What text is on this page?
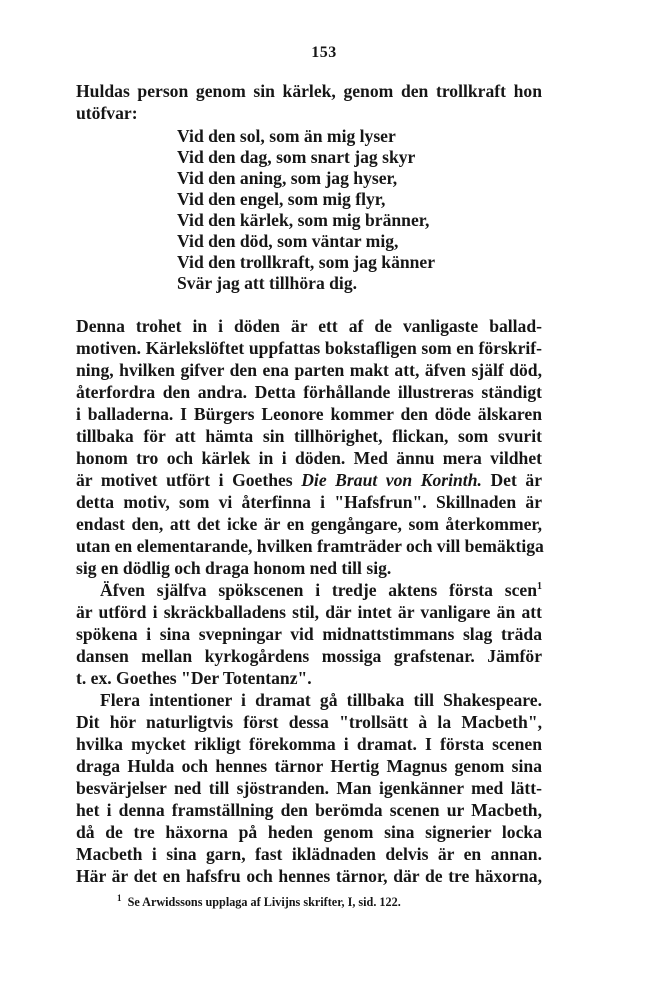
153
Huldas person genom sin kärlek, genom den trollkraft hon
utöfvar:
Vid den sol, som än mig lyser
Vid den dag, som snart jag skyr
Vid den aning, som jag hyser,
Vid den engel, som mig flyr,
Vid den kärlek, som mig bränner,
Vid den död, som väntar mig,
Vid den trollkraft, som jag känner
Svär jag att tillhöra dig.
Denna trohet in i döden är ett af de vanligaste ballad-
motiven. Kärlekslöftet uppfattas bokstafligen som en förskrif-
ning, hvilken gifver den ena parten makt att, äfven själf död,
återfordra den andra. Detta förhållande illustreras ständigt
i balladerna. I Bürgers Leonore kommer den döde älskaren
tillbaka för att hämta sin tillhörighet, flickan, som svurit
honom tro och kärlek in i döden. Med ännu mera vildhet
är motivet utfört i Goethes Die Braut von Korinth. Det är
detta motiv, som vi återfinna i "Hafsfrun". Skillnaden är
endast den, att det icke är en gengångare, som återkommer,
utan en elementarande, hvilken framträder och vill bemäktiga
sig en dödlig och draga honom ned till sig.
Äfven själfva spökscenen i tredje aktens första scen$^1$
är utförd i skräckballadens stil, där intet är vanligare än att
spökena i sina svepningar vid midnattstimmans slag träda
dansen mellan kyrkogårdens mossiga grafstenar. Jämför
t. ex. Goethes "Der Totentanz".
Flera intentioner i dramat gå tillbaka till Shakespeare.
Dit hör naturligtvis först dessa "trollsätt à la Macbeth",
hvilka mycket rikligt förekomma i dramat. I första scenen
draga Hulda och hennes tärnor Hertig Magnus genom sina
besvärjelser ned till sjöstranden. Man igenkänner med lätt-
het i denna framställning den berömda scenen ur Macbeth,
då de tre häxorna på heden genom sina signerier locka
Macbeth i sina garn, fast iklädnaden delvis är en annan.
$^1$ Se Arwidssons upplaga af Livijns skrifter, I, sid. 122.
Här är det en hafsfru och hennes tärnor, där de tre häxorna,
